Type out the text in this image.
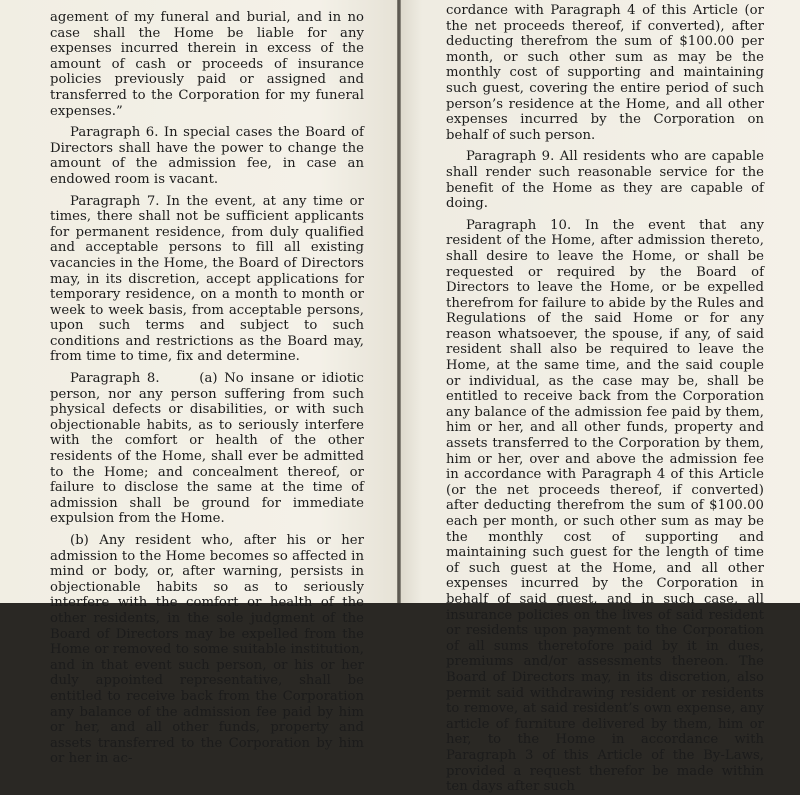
agement of my funeral and burial, and in no case shall the Home be liable for any expenses incurred therein in excess of the amount of cash or proceeds of insurance policies previously paid or assigned and transferred to the Corporation for my funeral expenses.”

Paragraph 6. In special cases the Board of Directors shall have the power to change the amount of the admission fee, in case an endowed room is vacant.

Paragraph 7. In the event, at any time or times, there shall not be sufficient applicants for permanent residence, from duly qualified and acceptable persons to fill all existing vacancies in the Home, the Board of Directors may, in its discretion, accept applications for temporary residence, on a month to month or week to week basis, from acceptable persons, upon such terms and subject to such conditions and restrictions as the Board may, from time to time, fix and determine.

Paragraph 8.      (a) No insane or idiotic person, nor any person suffering from such physical defects or disabilities, or with such objectionable habits, as to seriously interfere with the comfort or health of the other residents of the Home, shall ever be admitted to the Home; and concealment thereof, or failure to disclose the same at the time of admission shall be ground for immediate expulsion from the Home.

(b) Any resident who, after his or her admission to the Home becomes so affected in mind or body, or, after warning, persists in objectionable habits so as to seriously interfere with the comfort or health of the other residents, in the sole judgment of the Board of Directors may be expelled from the Home or removed to some suitable institution, and in that event such person, or his or her duly appointed representative, shall be entitled to receive back from the Corporation any balance of the admission fee paid by him or her, and all other funds, property and assets transferred to the Corporation by him or her in ac-

cordance with Paragraph 4 of this Article (or the net proceeds thereof, if converted), after deducting therefrom the sum of $100.00 per month, or such other sum as may be the monthly cost of supporting and maintaining such guest, covering the entire period of such person’s residence at the Home, and all other expenses incurred by the Corporation on behalf of such person.

Paragraph 9. All residents who are capable shall render such reasonable service for the benefit of the Home as they are capable of doing.

Paragraph 10. In the event that any resident of the Home, after admission thereto, shall desire to leave the Home, or shall be requested or required by the Board of Directors to leave the Home, or be expelled therefrom for failure to abide by the Rules and Regulations of the said Home or for any reason whatsoever, the spouse, if any, of said resident shall also be required to leave the Home, at the same time, and the said couple or individual, as the case may be, shall be entitled to receive back from the Corporation any balance of the admission fee paid by them, him or her, and all other funds, property and assets transferred to the Corporation by them, him or her, over and above the admission fee in accordance with Paragraph 4 of this Article (or the net proceeds thereof, if converted) after deducting therefrom the sum of $100.00 each per month, or such other sum as may be the monthly cost of supporting and maintaining such guest for the length of time of such guest at the Home, and all other expenses incurred by the Corporation in behalf of said guest, and in such case, all insurance policies on the lives of said resident or residents upon payment to the Corporation of all sums theretofore paid by it in dues, premiums and/or assessments thereon. The Board of Directors may, in its discretion, also permit said withdrawing resident or residents to remove, at said resident’s own expense, any article of furniture delivered by them, him or her, to the Home in accordance with Paragraph 3 of this Article of the By-Laws, provided a request therefor be made within ten days after such
